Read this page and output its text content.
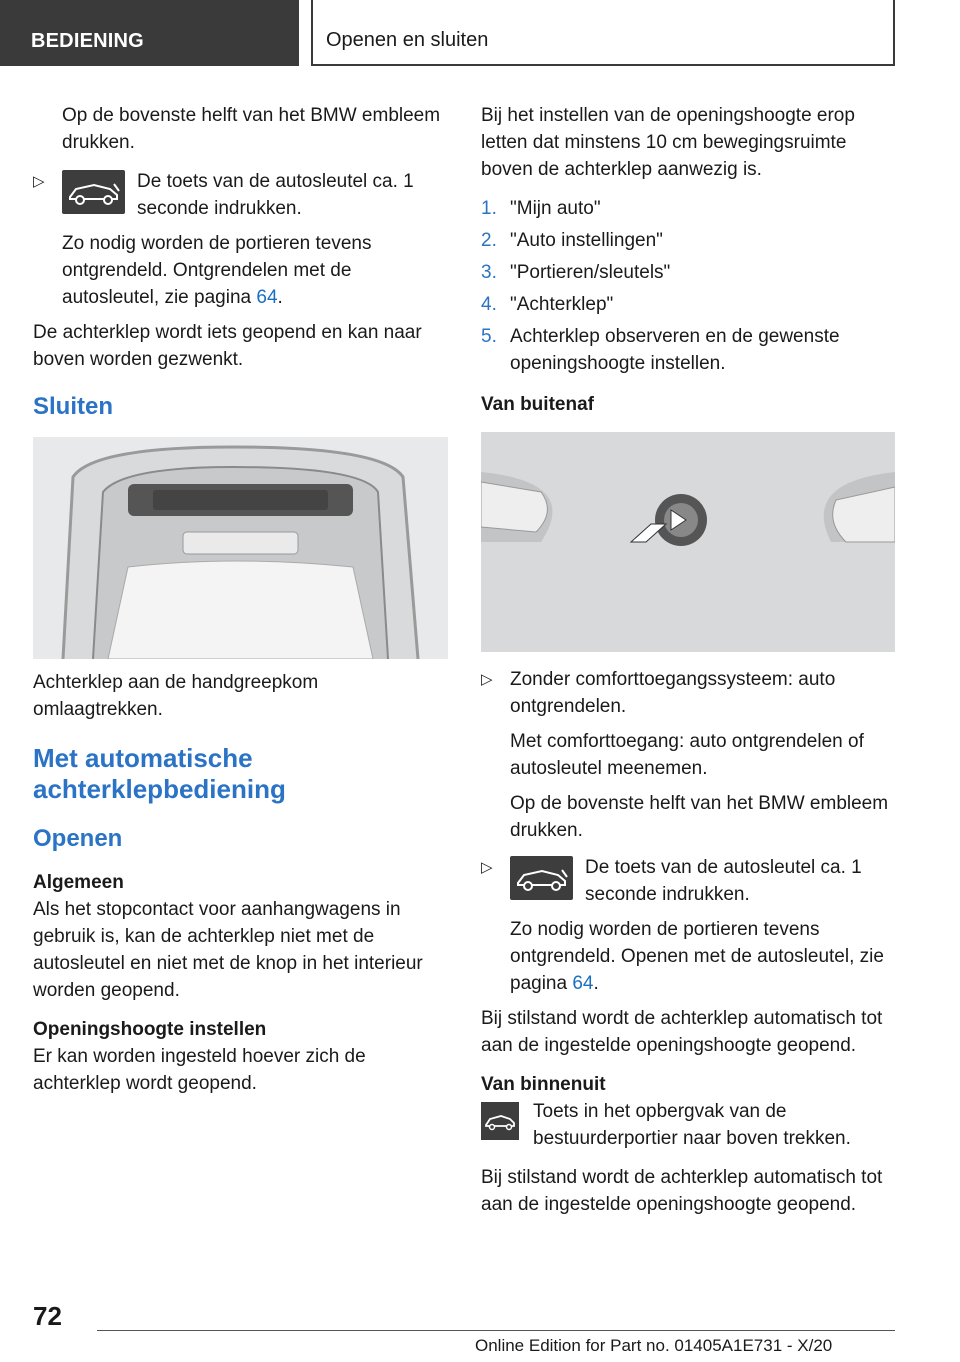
BEDIENING	Openen en sluiten

Op de bovenste helft van het BMW embleem drukken.

▷	De toets van de autosleutel ca. 1 seconde indrukken.

Zo nodig worden de portieren tevens ontgrendeld. Ontgrendelen met de autosleutel, zie pagina 64.

De achterklep wordt iets geopend en kan naar boven worden gezwenkt.

Sluiten

Achterklep aan de handgreepkom omlaagtrekken.

Met automatische achterklepbediening
Openen
Algemeen

Als het stopcontact voor aanhangwagens in gebruik is, kan de achterklep niet met de autosleutel en niet met de knop in het interieur worden geopend.

Openingshoogte instellen

Er kan worden ingesteld hoever zich de achterklep wordt geopend.

Bij het instellen van de openingshoogte erop letten dat minstens 10 cm bewegingsruimte boven de achterklep aanwezig is.

1. "Mijn auto"
2. "Auto instellingen"
3. "Portieren/sleutels"
4. "Achterklep"
5. Achterklep observeren en de gewenste openingshoogte instellen.
Van buitenaf
▷ Zonder comforttoegangssysteem: auto ontgrendelen.

Met comforttoegang: auto ontgrendelen of autosleutel meenemen.

Op de bovenste helft van het BMW embleem drukken.

▷	De toets van de autosleutel ca. 1 seconde indrukken.

Zo nodig worden de portieren tevens ontgrendeld. Openen met de autosleutel, zie pagina 64.

Bij stilstand wordt de achterklep automatisch tot aan de ingestelde openingshoogte geopend.

Van binnenuit
Toets in het opbergvak van de bestuurderportier naar boven trekken.

Bij stilstand wordt de achterklep automatisch tot aan de ingestelde openingshoogte geopend.

72
Online Edition for Part no. 01405A1E731 - X/20
